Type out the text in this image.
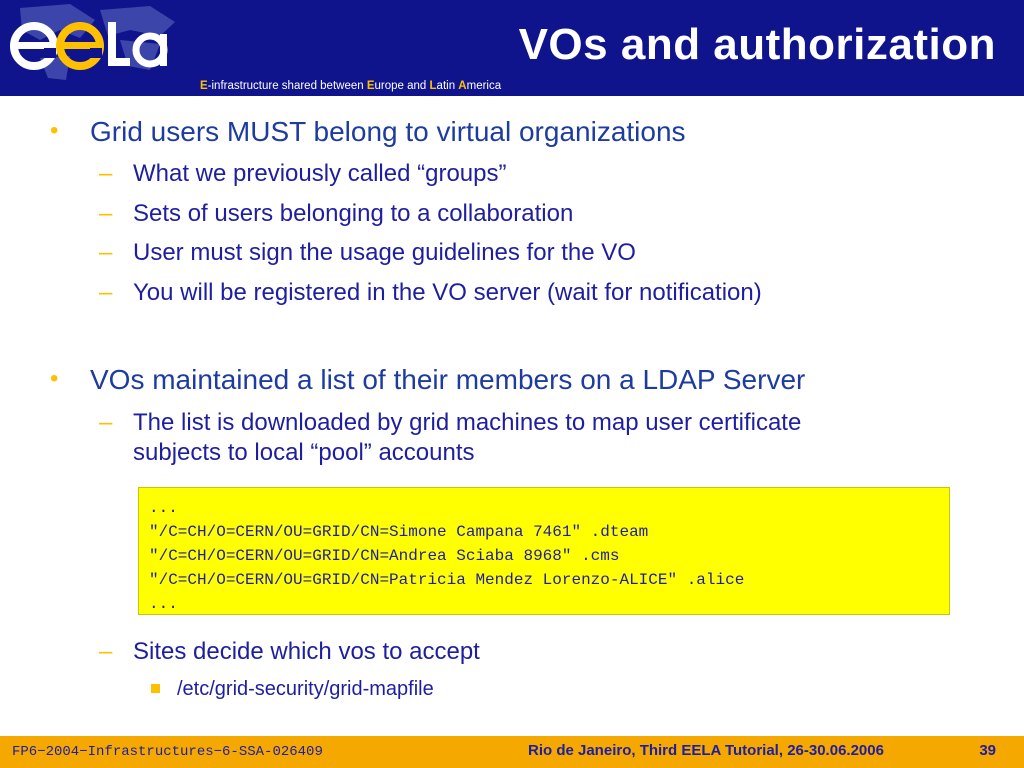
VOs and authorization
E-infrastructure shared between Europe and Latin America
• Grid users MUST belong to virtual organizations
– What we previously called “groups”
– Sets of users belonging to a collaboration
– User must sign the usage guidelines for the VO
– You will be registered in the VO server (wait for notification)
• VOs maintained a list of their members on a LDAP Server
– The list is downloaded by grid machines to map user certificate
subjects to local “pool” accounts
...
"/C=CH/O=CERN/OU=GRID/CN=Simone Campana 7461" .dteam
"/C=CH/O=CERN/OU=GRID/CN=Andrea Sciaba 8968" .cms
"/C=CH/O=CERN/OU=GRID/CN=Patricia Mendez Lorenzo-ALICE" .alice
...
– Sites decide which vos to accept
/etc/grid-security/grid-mapfile
FP6−2004−Infrastructures−6-SSA-026409	Rio de Janeiro, Third EELA Tutorial, 26-30.06.2006	39
